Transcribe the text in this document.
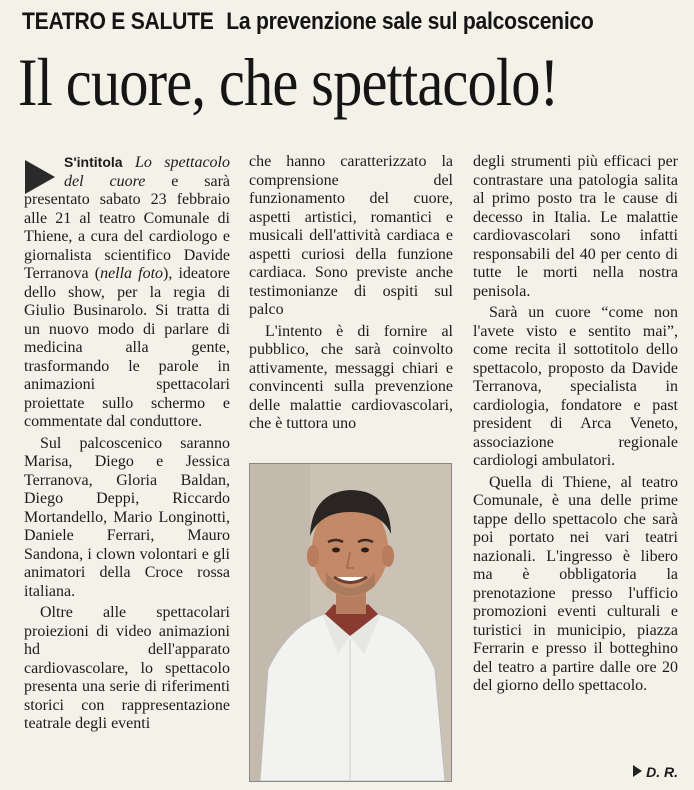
TEATRO E SALUTE La prevenzione sale sul palcoscenico
Il cuore, che spettacolo!

S'intitola Lo spettacolo del cuore e sarà presentato sabato 23 febbraio alle 21 al teatro Comunale di Thiene, a cura del cardiologo e giornalista scientifico Davide Terranova (nella foto), ideatore dello show, per la regia di Giulio Businarolo. Si tratta di un nuovo modo di parlare di medicina alla gente, trasformando le parole in animazioni spettacolari proiettate sullo schermo e commentate dal conduttore.

Sul palcoscenico saranno Marisa, Diego e Jessica Terranova, Gloria Baldan, Diego Deppi, Riccardo Mortandello, Mario Longinotti, Daniele Ferrari, Mauro Sandona, i clown volontari e gli animatori della Croce rossa italiana.

Oltre alle spettacolari proiezioni di video animazioni hd dell'apparato cardiovascolare, lo spettacolo presenta una serie di riferimenti storici con rappresentazione teatrale degli eventi

che hanno caratterizzato la comprensione del funzionamento del cuore, aspetti artistici, romantici e musicali dell'attività cardiaca e aspetti curiosi della funzione cardiaca. Sono previste anche testimonianze di ospiti sul palco

L'intento è di fornire al pubblico, che sarà coinvolto attivamente, messaggi chiari e convincenti sulla prevenzione delle malattie cardiovascolari, che è tuttora uno

degli strumenti più efficaci per contrastare una patologia salita al primo posto tra le cause di decesso in Italia. Le malattie cardiovascolari sono infatti responsabili del 40 per cento di tutte le morti nella nostra penisola.

Sarà un cuore “come non l'avete visto e sentito mai”, come recita il sottotitolo dello spettacolo, proposto da Davide Terranova, specialista in cardiologia, fondatore e past president di Arca Veneto, associazione regionale cardiologi ambulatori.

Quella di Thiene, al teatro Comunale, è una delle prime tappe dello spettacolo che sarà poi portato nei vari teatri nazionali. L'ingresso è libero ma è obbligatoria la prenotazione presso l'ufficio promozioni eventi culturali e turistici in municipio, piazza Ferrarin e presso il botteghino del teatro a partire dalle ore 20 del giorno dello spettacolo.

D. R.
